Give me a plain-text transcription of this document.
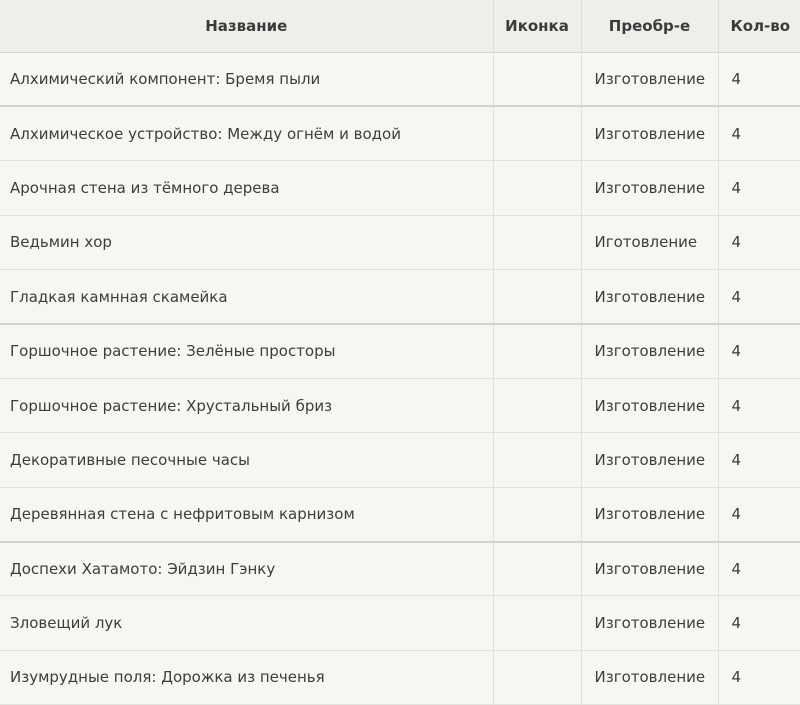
Название	Иконка	Преобр-е	Кол-во
Алхимический компонент: Бремя пыли		Изготовление	4
Алхимическое устройство: Между огнём и водой		Изготовление	4
Арочная стена из тёмного дерева		Изготовление	4
Ведьмин хор		Иготовление	4
Гладкая камнная скамейка		Изготовление	4
Горшочное растение: Зелёные просторы		Изготовление	4
Горшочное растение: Хрустальный бриз		Изготовление	4
Декоративные песочные часы		Изготовление	4
Деревянная стена с нефритовым карнизом		Изготовление	4
Доспехи Хатамото: Эйдзин Гэнку		Изготовление	4
Зловещий лук		Изготовление	4
Изумрудные поля: Дорожка из печенья		Изготовление	4
